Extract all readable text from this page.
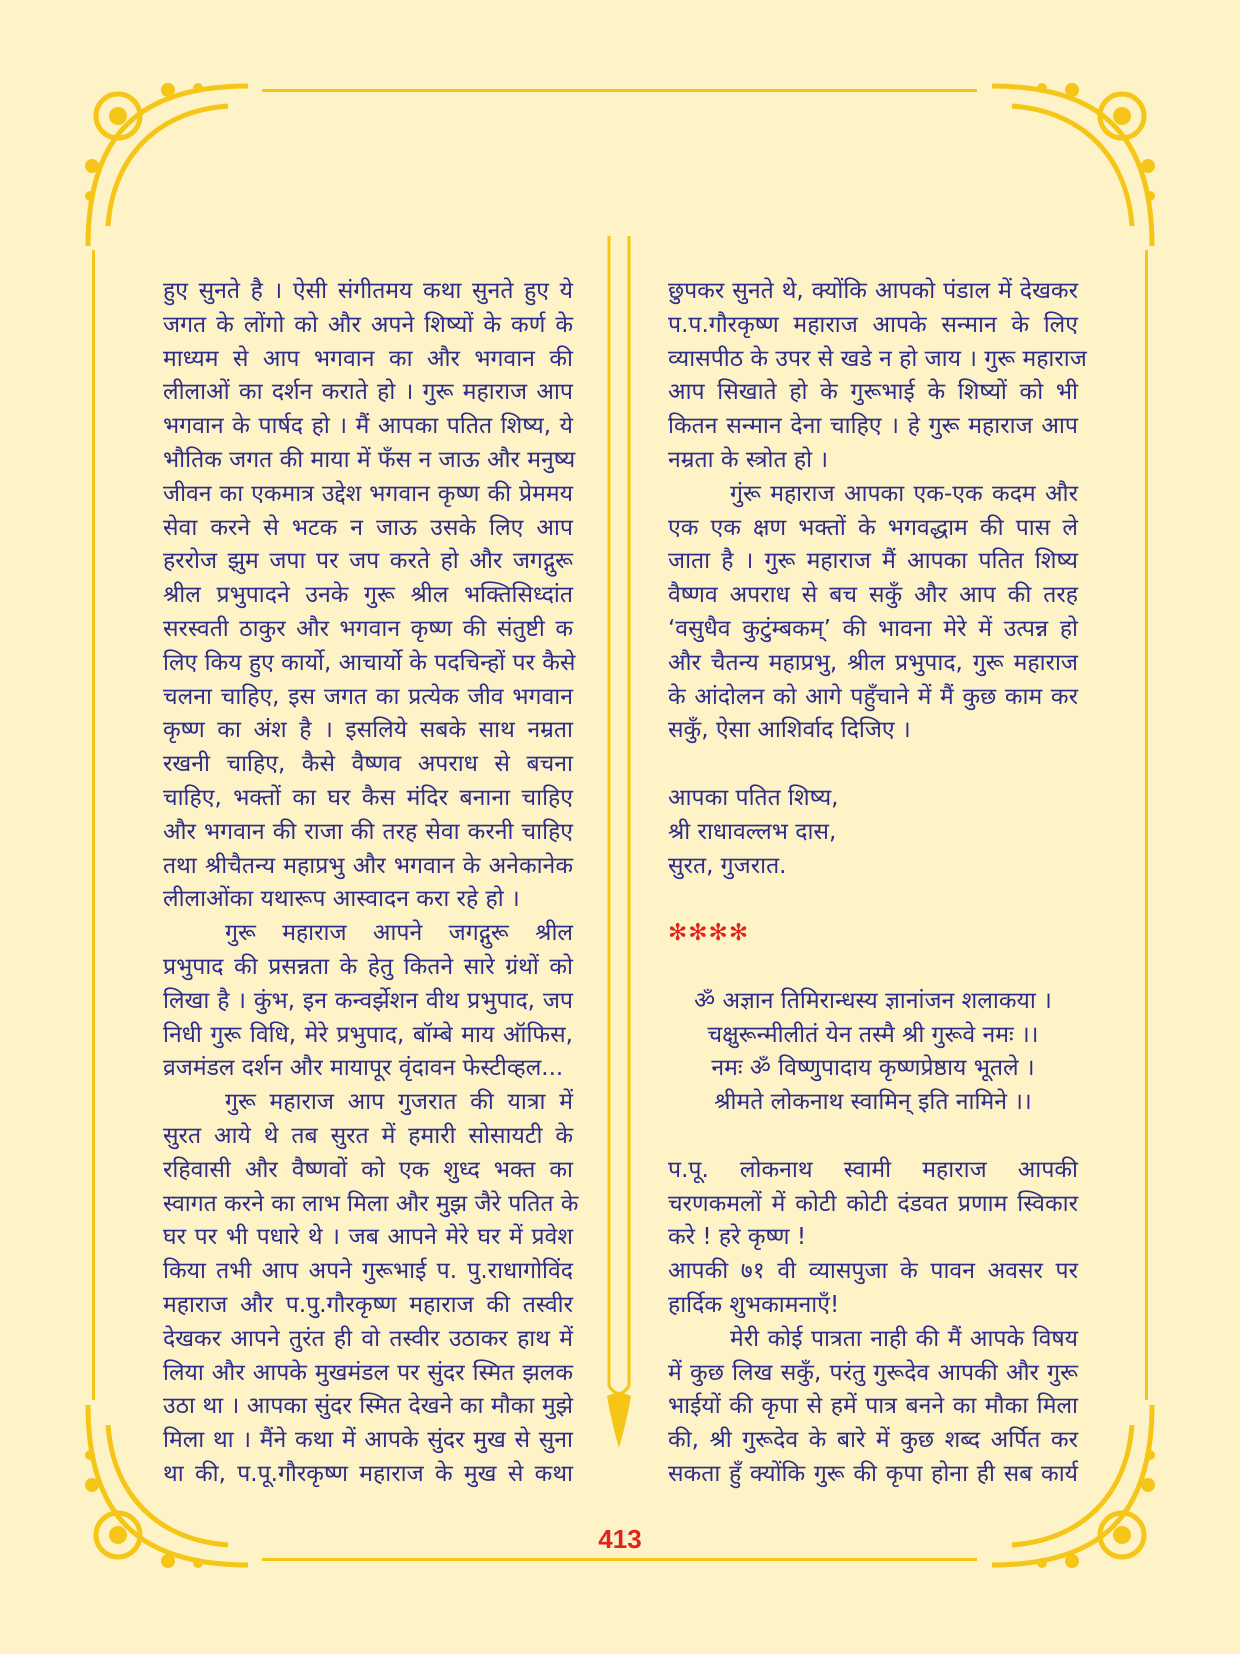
हुए सुनते है । ऐसी संगीतमय कथा सुनते हुए ये
जगत के लोंगो को और अपने शिष्यों के कर्ण के
माध्यम से आप भगवान का और भगवान की
लीलाओं का दर्शन कराते हो । गुरू महाराज आप
भगवान के पार्षद हो । मैं आपका पतित शिष्य, ये
भौतिक जगत की माया में फँस न जाऊ और मनुष्य
जीवन का एकमात्र उद्देश भगवान कृष्ण की प्रेममय
सेवा करने से भटक न जाऊ उसके लिए आप
हररोज झुम जपा पर जप करते हो और जगद्गुरू
श्रील प्रभुपादने उनके गुरू श्रील भक्तिसिध्दांत
सरस्वती ठाकुर और भगवान कृष्ण की संतुष्टी क
लिए किय हुए कार्यो, आचार्यो के पदचिन्हों पर कैसे
चलना चाहिए, इस जगत का प्रत्येक जीव भगवान
कृष्ण का अंश है । इसलिये सबके साथ नम्रता
रखनी चाहिए, कैसे वैष्णव अपराध से बचना
चाहिए, भक्तों का घर कैस मंदिर बनाना चाहिए
और भगवान की राजा की तरह सेवा करनी चाहिए
तथा श्रीचैतन्य महाप्रभु और भगवान के अनेकानेक
लीलाओंका यथारूप आस्वादन करा रहे हो ।
गुरू महाराज आपने जगद्गुरू श्रील
प्रभुपाद की प्रसन्नता के हेतु कितने सारे ग्रंथों को
लिखा है । कुंभ, इन कन्वर्झेशन वीथ प्रभुपाद, जप
निधी गुरू विधि, मेरे प्रभुपाद, बॉम्बे माय ऑफिस,
व्रजमंडल दर्शन और मायापूर वृंदावन फेस्टीव्हल...
गुरू महाराज आप गुजरात की यात्रा में
सुरत आये थे तब सुरत में हमारी सोसायटी के
रहिवासी और वैष्णवों को एक शुध्द भक्त का
स्वागत करने का लाभ मिला और मुझ जैरे पतित के
घर पर भी पधारे थे । जब आपने मेरे घर में प्रवेश
किया तभी आप अपने गुरूभाई प. पु.राधागोविंद
महाराज और प.पु.गौरकृष्ण महाराज की तस्वीर
देखकर आपने तुरंत ही वो तस्वीर उठाकर हाथ में
लिया और आपके मुखमंडल पर सुंदर स्मित झलक
उठा था । आपका सुंदर स्मित देखने का मौका मुझे
मिला था । मैंने कथा में आपके सुंदर मुख से सुना
था की, प.पू.गौरकृष्ण महाराज के मुख से कथा
छुपकर सुनते थे, क्योंकि आपको पंडाल में देखकर
प.प.गौरकृष्ण महाराज आपके सन्मान के लिए
व्यासपीठ के उपर से खडे न हो जाय । गुरू महाराज
आप सिखाते हो के गुरूभाई के शिष्यों को भी
कितन सन्मान देना चाहिए । हे गुरू महाराज आप
नम्रता के स्त्रोत हो ।
गुंरू महाराज आपका एक-एक कदम और
एक एक क्षण भक्तों के भगवद्धाम की पास ले
जाता है । गुरू महाराज मैं आपका पतित शिष्य
वैष्णव अपराध से बच सकुँ और आप की तरह
‘वसुधैव कुटुंम्बकम्’ की भावना मेरे में उत्पन्न हो
और चैतन्य महाप्रभु, श्रील प्रभुपाद, गुरू महाराज
के आंदोलन को आगे पहुँचाने में मैं कुछ काम कर
सकुँ, ऐसा आशिर्वाद दिजिए ।
आपका पतित शिष्य,
श्री राधावल्लभ दास,
सुरत, गुजरात.
✻✻✻✻
ॐ अज्ञान तिमिरान्धस्य ज्ञानांजन शलाकया ।
चक्षुरून्मीलीतं येन तस्मै श्री गुरूवे नमः ।।
नमः ॐ विष्णुपादाय कृष्णप्रेष्ठाय भूतले ।
श्रीमते लोकनाथ स्वामिन् इति नामिने ।।
प.पू. लोकनाथ स्वामी महाराज आपकी
चरणकमलों में कोटी कोटी दंडवत प्रणाम स्विकार
करे ! हरे कृष्ण !
आपकी ७१ वी व्यासपुजा के पावन अवसर पर
हार्दिक शुभकामनाएँ!
मेरी कोई पात्रता नाही की मैं आपके विषय
में कुछ लिख सकुँ, परंतु गुरूदेव आपकी और गुरू
भाईयों की कृपा से हमें पात्र बनने का मौका मिला
की, श्री गुरूदेव के बारे में कुछ शब्द अर्पित कर
सकता हुँ क्योंकि गुरू की कृपा होना ही सब कार्य
413
